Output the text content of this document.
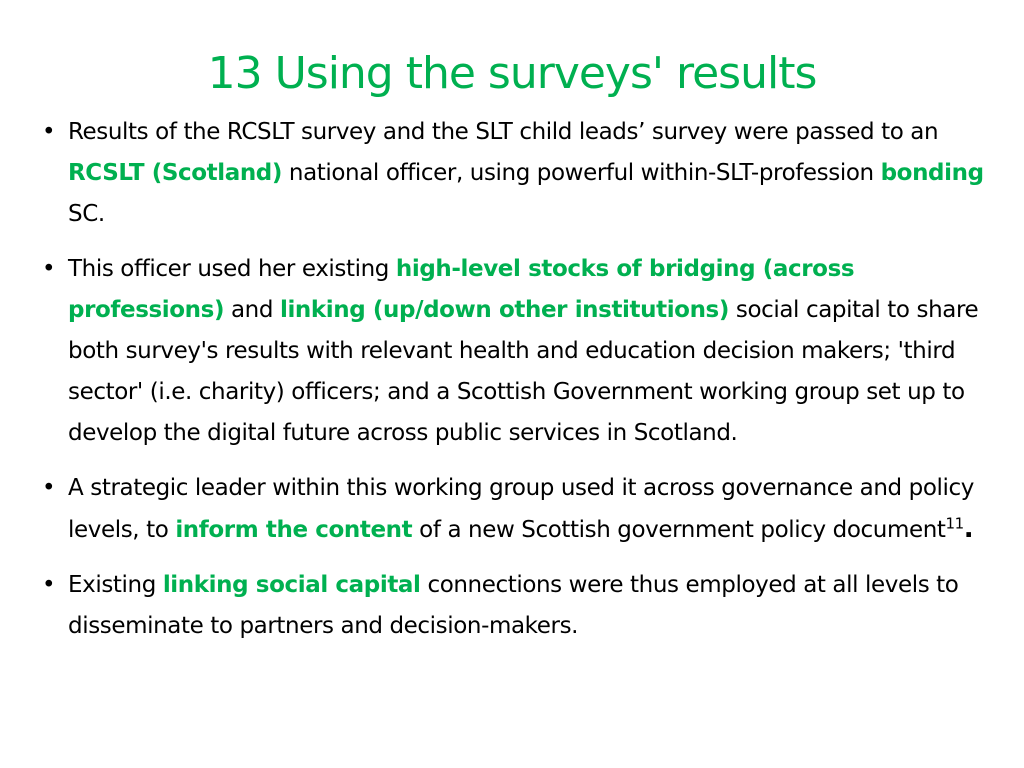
13 Using the surveys' results
• Results of the RCSLT survey and the SLT child leads’ survey were passed to an RCSLT (Scotland) national officer, using powerful within-SLT-profession bonding SC.
• This officer used her existing high-level stocks of bridging (across professions) and linking (up/down other institutions) social capital to share both survey's results with relevant health and education decision makers; 'third sector' (i.e. charity) officers; and a Scottish Government working group set up to develop the digital future across public services in Scotland.
• A strategic leader within this working group used it across governance and policy levels, to inform the content of a new Scottish government policy document$^{11}$.
• Existing linking social capital connections were thus employed at all levels to disseminate to partners and decision-makers.
